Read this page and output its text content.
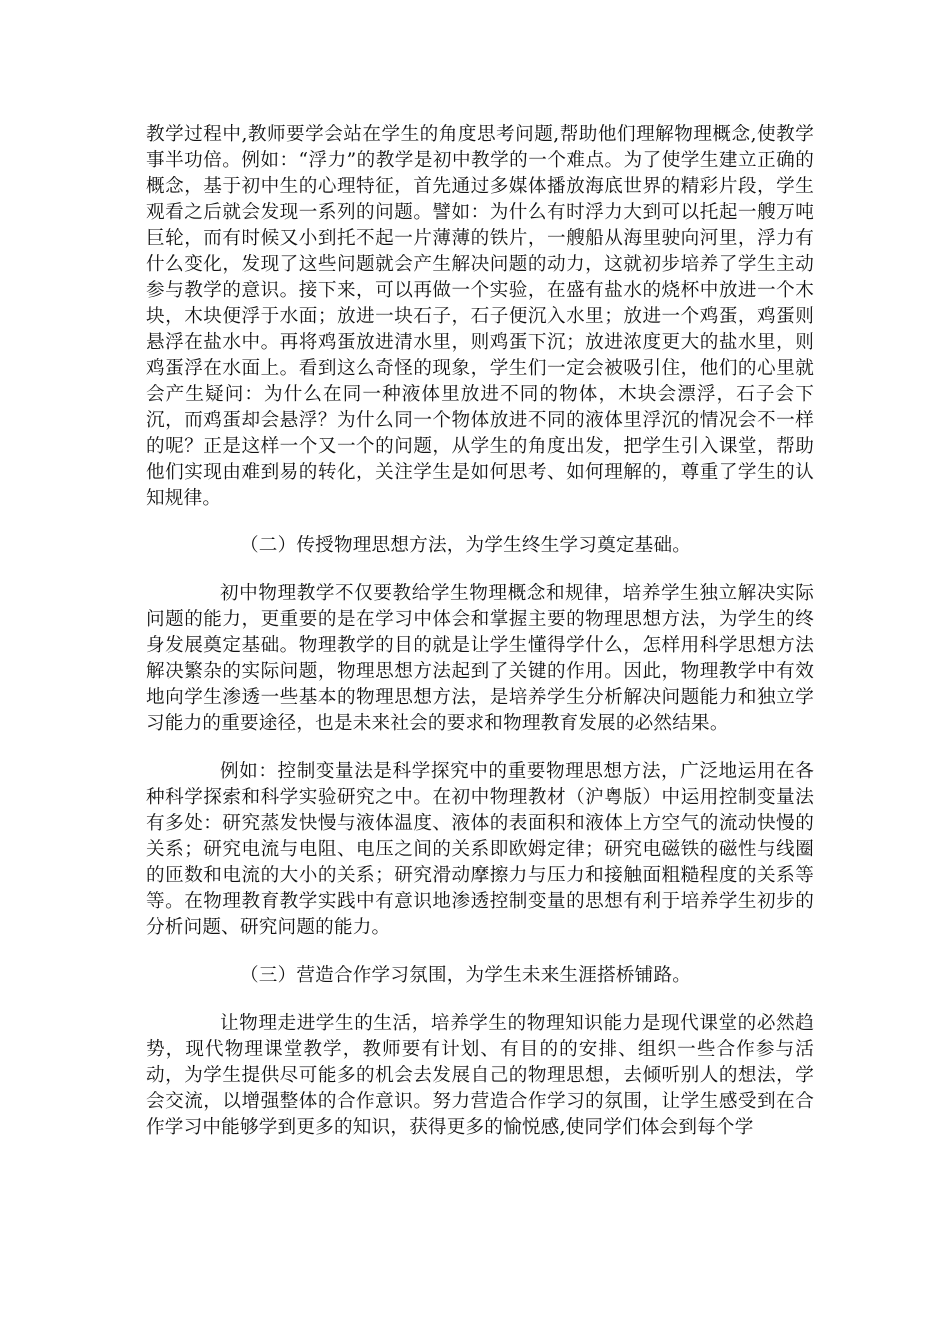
教学过程中,教师要学会站在学生的角度思考问题,帮助他们理解物理概念,使教学事半功倍。例如：“浮力”的教学是初中教学的一个难点。为了使学生建立正确的概念，基于初中生的心理特征，首先通过多媒体播放海底世界的精彩片段，学生观看之后就会发现一系列的问题。譬如：为什么有时浮力大到可以托起一艘万吨巨轮，而有时候又小到托不起一片薄薄的铁片，一艘船从海里驶向河里，浮力有什么变化，发现了这些问题就会产生解决问题的动力，这就初步培养了学生主动参与教学的意识。接下来，可以再做一个实验，在盛有盐水的烧杯中放进一个木块，木块便浮于水面；放进一块石子，石子便沉入水里；放进一个鸡蛋，鸡蛋则悬浮在盐水中。再将鸡蛋放进清水里，则鸡蛋下沉；放进浓度更大的盐水里，则鸡蛋浮在水面上。看到这么奇怪的现象，学生们一定会被吸引住，他们的心里就会产生疑问：为什么在同一种液体里放进不同的物体，木块会漂浮，石子会下沉，而鸡蛋却会悬浮？为什么同一个物体放进不同的液体里浮沉的情况会不一样的呢？正是这样一个又一个的问题，从学生的角度出发，把学生引入课堂，帮助他们实现由难到易的转化，关注学生是如何思考、如何理解的，尊重了学生的认知规律。

（二）传授物理思想方法，为学生终生学习奠定基础。

初中物理教学不仅要教给学生物理概念和规律，培养学生独立解决实际问题的能力，更重要的是在学习中体会和掌握主要的物理思想方法，为学生的终身发展奠定基础。物理教学的目的就是让学生懂得学什么，怎样用科学思想方法解决繁杂的实际问题，物理思想方法起到了关键的作用。因此，物理教学中有效地向学生渗透一些基本的物理思想方法，是培养学生分析解决问题能力和独立学习能力的重要途径，也是未来社会的要求和物理教育发展的必然结果。

例如：控制变量法是科学探究中的重要物理思想方法，广泛地运用在各种科学探索和科学实验研究之中。在初中物理教材（沪粤版）中运用控制变量法有多处：研究蒸发快慢与液体温度、液体的表面积和液体上方空气的流动快慢的关系；研究电流与电阻、电压之间的关系即欧姆定律；研究电磁铁的磁性与线圈的匝数和电流的大小的关系；研究滑动摩擦力与压力和接触面粗糙程度的关系等等。在物理教育教学实践中有意识地渗透控制变量的思想有利于培养学生初步的分析问题、研究问题的能力。

（三）营造合作学习氛围，为学生未来生涯搭桥铺路。

让物理走进学生的生活，培养学生的物理知识能力是现代课堂的必然趋势，现代物理课堂教学，教师要有计划、有目的的安排、组织一些合作参与活动，为学生提供尽可能多的机会去发展自己的物理思想，去倾听别人的想法，学会交流，以增强整体的合作意识。努力营造合作学习的氛围，让学生感受到在合作学习中能够学到更多的知识，获得更多的愉悦感,使同学们体会到每个学
